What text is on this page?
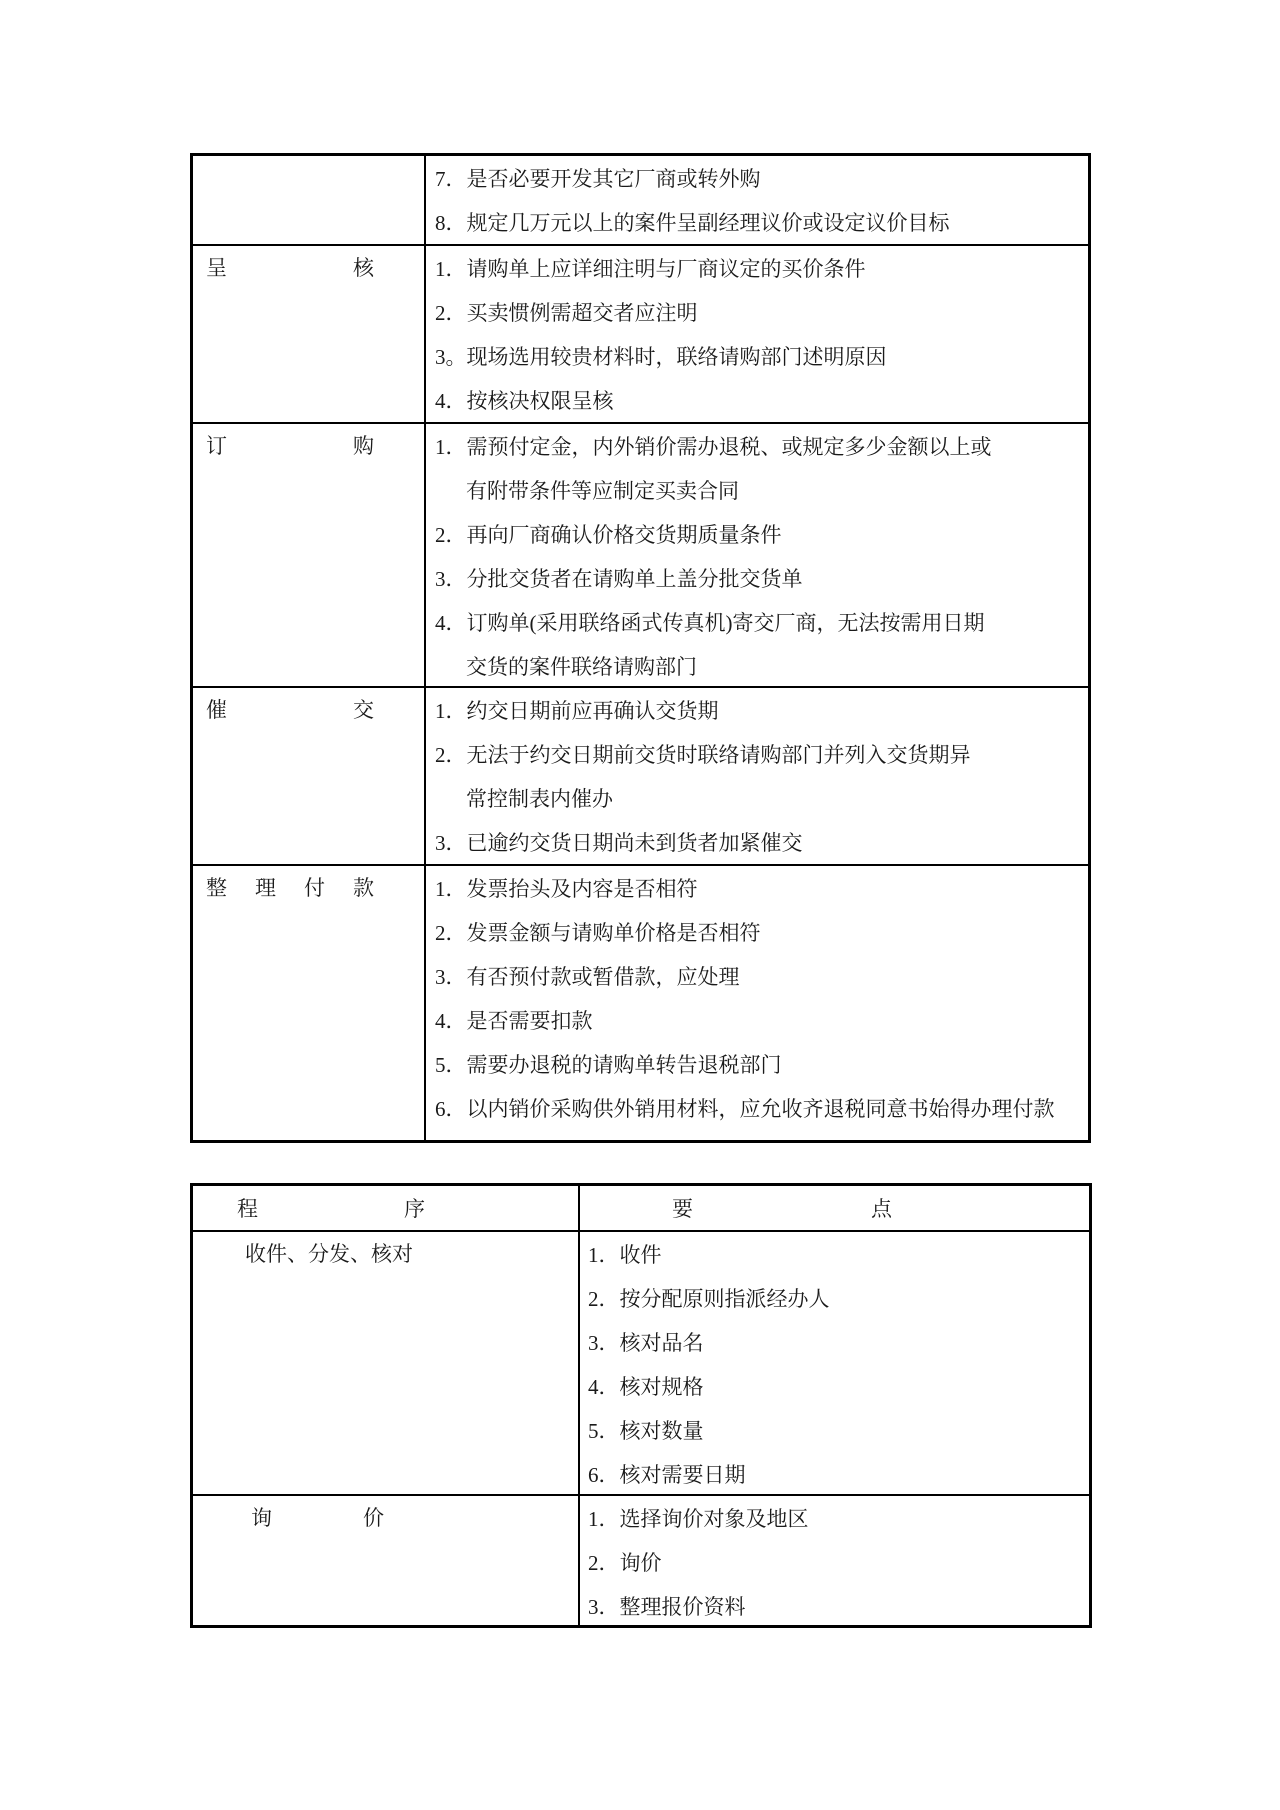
7．是否必要开发其它厂商或转外购
8．规定几万元以上的案件呈副经理议价或设定议价目标
呈核	1．请购单上应详细注明与厂商议定的买价条件
2．买卖惯例需超交者应注明
3。现场选用较贵材料时，联络请购部门述明原因
4．按核决权限呈核
订购	1．需预付定金，内外销价需办退税、或规定多少金额以上或
有附带条件等应制定买卖合同
2．再向厂商确认价格交货期质量条件
3．分批交货者在请购单上盖分批交货单
4．订购单(采用联络函式传真机)寄交厂商，无法按需用日期
交货的案件联络请购部门
催交	1．约交日期前应再确认交货期
2．无法于约交日期前交货时联络请购部门并列入交货期异
常控制表内催办
3．已逾约交货日期尚未到货者加紧催交
整理付款	1．发票抬头及内容是否相符
2．发票金额与请购单价格是否相符
3．有否预付款或暂借款，应处理
4．是否需要扣款
5．需要办退税的请购单转告退税部门
6．以内销价采购供外销用材料，应允收齐退税同意书始得办理付款
程序	要点
收件、分发、核对	1．收件
2．按分配原则指派经办人
3．核对品名
4．核对规格
5．核对数量
6．核对需要日期
询价	1．选择询价对象及地区
2．询价
3．整理报价资料
